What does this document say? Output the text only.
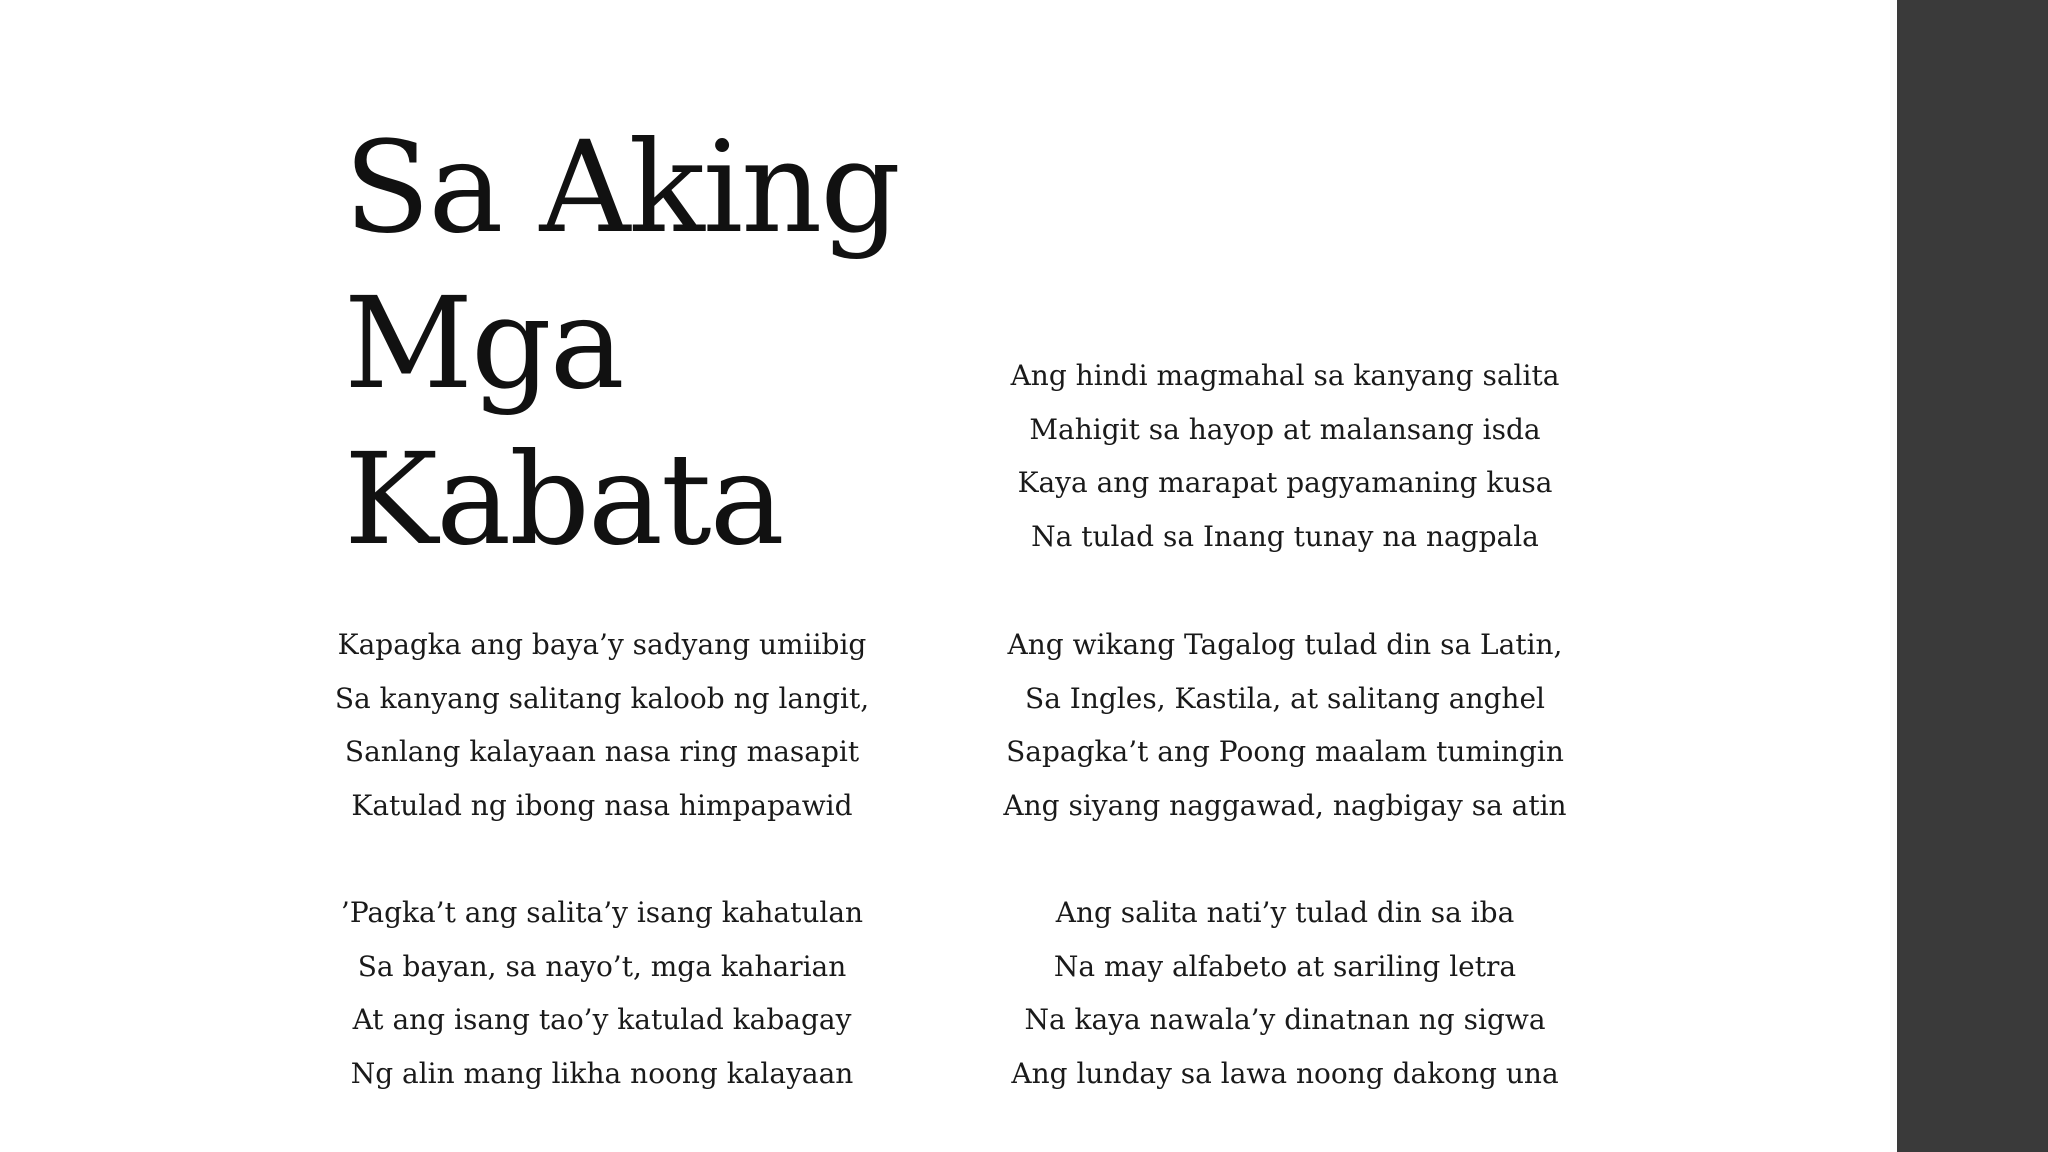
Sa Aking
Mga
Kabata
Kapagka ang baya’y sadyang umiibig
Sa kanyang salitang kaloob ng langit,
Sanlang kalayaan nasa ring masapit
Katulad ng ibong nasa himpapawid
’Pagka’t ang salita’y isang kahatulan
Sa bayan, sa nayo’t, mga kaharian
At ang isang tao’y katulad kabagay
Ng alin mang likha noong kalayaan
Ang hindi magmahal sa kanyang salita
Mahigit sa hayop at malansang isda
Kaya ang marapat pagyamaning kusa
Na tulad sa Inang tunay na nagpala
Ang wikang Tagalog tulad din sa Latin,
Sa Ingles, Kastila, at salitang anghel
Sapagka’t ang Poong maalam tumingin
Ang siyang naggawad, nagbigay sa atin
Ang salita nati’y tulad din sa iba
Na may alfabeto at sariling letra
Na kaya nawala’y dinatnan ng sigwa
Ang lunday sa lawa noong dakong una
